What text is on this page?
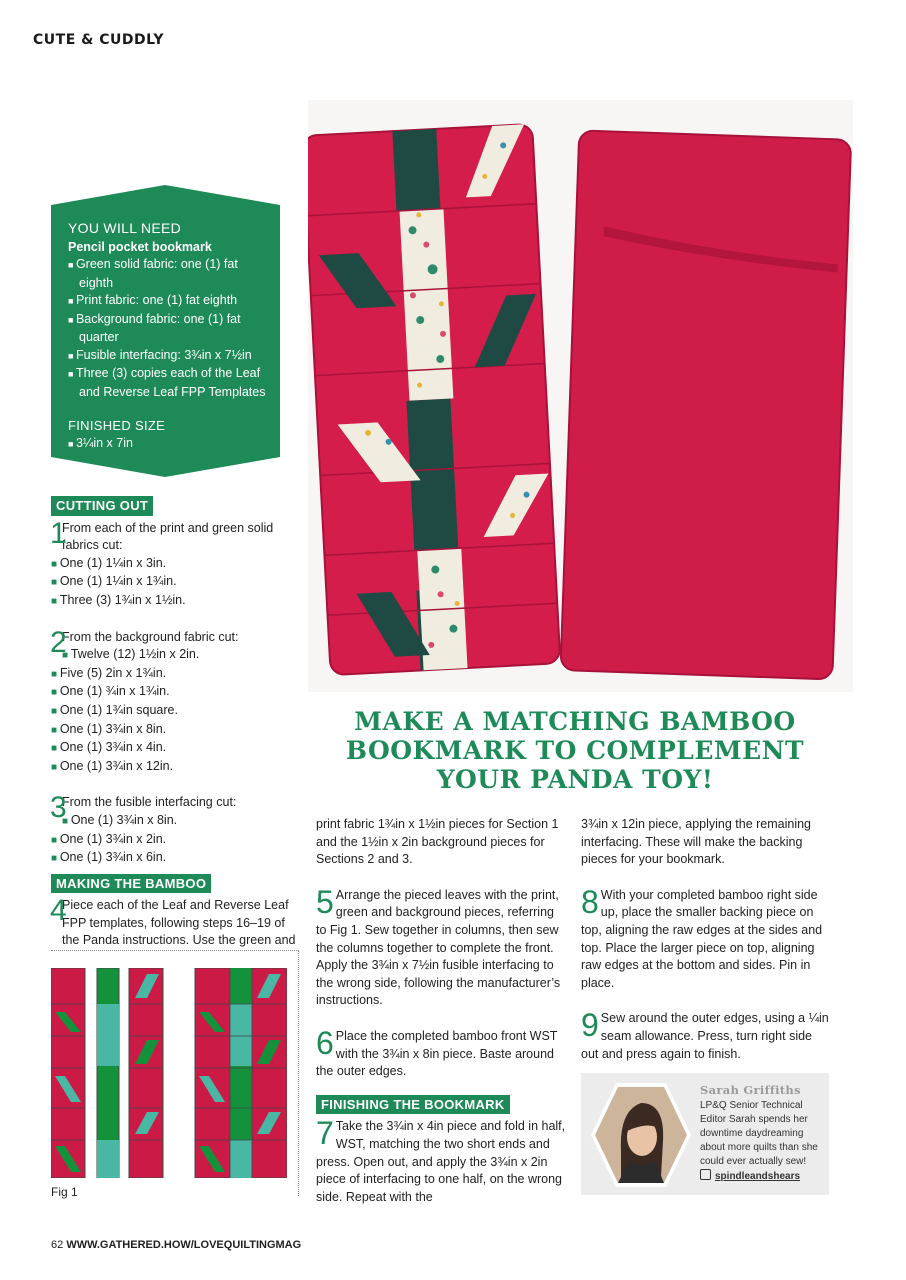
CUTE & CUDDLY
YOU WILL NEED
Pencil pocket bookmark
■ Green solid fabric: one (1) fat eighth
■ Print fabric: one (1) fat eighth
■ Background fabric: one (1) fat quarter
■ Fusible interfacing: 3¾in x 7½in
■ Three (3) copies each of the Leaf and Reverse Leaf FPP Templates
FINISHED SIZE
■ 3¼in x 7in
CUTTING OUT
1
From each of the print and green solid fabrics cut:
■ One (1) 1¼in x 3in.
■ One (1) 1¼in x 1¾in.
■ Three (3) 1¾in x 1½in.
2
From the background fabric cut:
■ Twelve (12) 1½in x 2in.
■ Five (5) 2in x 1¾in.
■ One (1) ¾in x 1¾in.
■ One (1) 1¾in square.
■ One (1) 3¾in x 8in.
■ One (1) 3¾in x 4in.
■ One (1) 3¾in x 12in.
3
From the fusible interfacing cut:
■ One (1) 3¾in x 8in.
■ One (1) 3¾in x 2in.
■ One (1) 3¾in x 6in.
MAKING THE BAMBOO
4
Piece each of the Leaf and Reverse Leaf FPP templates, following steps 16–19 of the Panda instructions. Use the green and
Fig 1
MAKE A MATCHING BAMBOO BOOKMARK TO COMPLEMENT YOUR PANDA TOY!
print fabric 1¾in x 1½in pieces for Section 1 and the 1½in x 2in background pieces for Sections 2 and 3.
5 Arrange the pieced leaves with the print, green and background pieces, referring to Fig 1. Sew together in columns, then sew the columns together to complete the front. Apply the 3¾in x 7½in fusible interfacing to the wrong side, following the manufacturer’s instructions.
6 Place the completed bamboo front WST with the 3¾in x 8in piece. Baste around the outer edges.
FINISHING THE BOOKMARK
7 Take the 3¾in x 4in piece and fold in half, WST, matching the two short ends and press. Open out, and apply the 3¾in x 2in piece of interfacing to one half, on the wrong side. Repeat with the
3¾in x 12in piece, applying the remaining interfacing. These will make the backing pieces for your bookmark.
8 With your completed bamboo right side up, place the smaller backing piece on top, aligning the raw edges at the sides and top. Place the larger piece on top, aligning raw edges at the bottom and sides. Pin in place.
9 Sew around the outer edges, using a ¼in seam allowance. Press, turn right side out and press again to finish.
Sarah Griffiths
LP&Q Senior Technical Editor Sarah spends her downtime daydreaming about more quilts than she could ever actually sew!
spindleandshears
62 WWW.GATHERED.HOW/LOVEQUILTINGMAG
